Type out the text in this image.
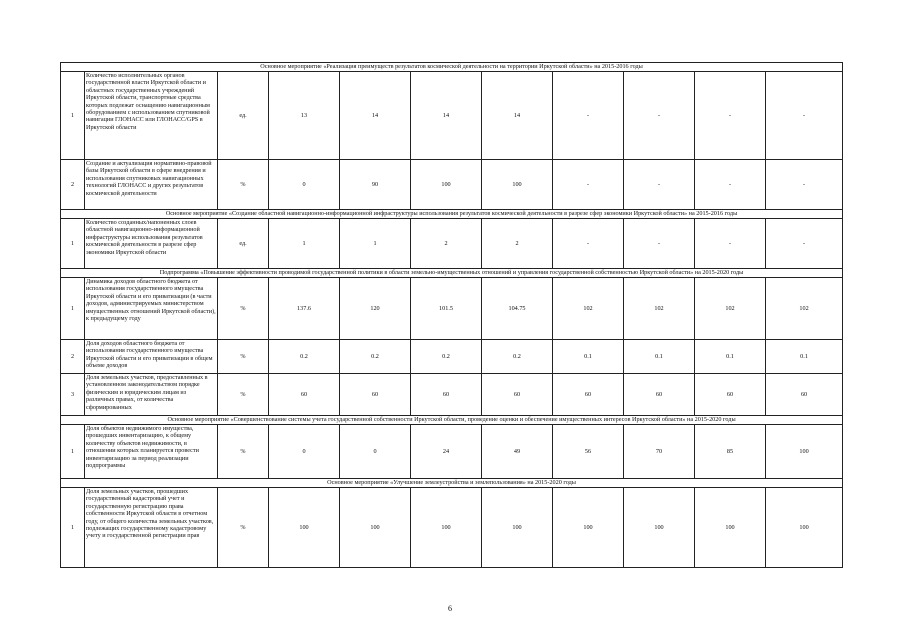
Основное мероприятие «Реализация преимуществ результатов космической деятельности на территории Иркутской области» на 2015-2016 годы										
1	Количество исполнительных органов государственной власти Иркутской области и областных государственных учреждений Иркутской области, транспортные средства которых подлежат оснащению навигационным оборудованием с использованием спутниковой навигации ГЛОНАСС или ГЛОНАСС/GPS в Иркутской области	ед.	13	14	14	14	-	-	-	-
2	Создание и актуализация нормативно-правовой базы Иркутской области в сфере внедрения и использования спутниковых навигационных технологий ГЛОНАСС и других результатов космической деятельности	%	0	90	100	100	-	-	-	-
Основное мероприятие «Создание областной навигационно-информационной инфраструктуры использования результатов космической деятельности в разрезе сфер экономики Иркутской области» на 2015-2016 годы										
1	Количество созданных/напоненных слоев областной навигационно-информационной инфраструктуры использования результатов космической деятельности в разрезе сфер экономики Иркутской области	ед.	1	1	2	2	-	-	-	-
Подпрограмма «Повышение эффективности проводимой государственной политики в области земельно-имущественных отношений и управления государственной собственностью Иркутской области» на 2015-2020 годы										
1	Динамика доходов областного бюджета от использования государственного имущества Иркутской области и его приватизации (в части доходов, администрируемых министерством имущественных отношений Иркутской области), к предыдущему году	%	137.6	120	101.5	104.75	102	102	102	102
2	Доля доходов областного бюджета от использования государственного имущества Иркутской области и его приватизации в общем объеме доходов	%	0.2	0.2	0.2	0.2	0.1	0.1	0.1	0.1
3	Доля земельных участков, предоставленных в установленном законодательством порядке физическим и юридическим лицам из различных правах, от количества сформированных	%	60	60	60	60	60	60	60	60
Основное мероприятие «Совершенствование системы учета государственной собственности Иркутской области, проведение оценки и обеспечение имущественных интересов Иркутской области» на 2015-2020 годы										
1	Доля объектов недвижимого имущества, прошедших инвентаризацию, к общему количеству объектов недвижимости, в отношении которых планируется провести инвентаризацию за период реализации подпрограммы	%	0	0	24	49	56	70	85	100
Основное мероприятие «Улучшение землеустройства и землепользования» на 2015-2020 годы										
1	Доля земельных участков, прошедших государственный кадастровый учет и государственную регистрацию права собственности Иркутской области в отчетном году, от общего количества земельных участков, подлежащих государственному кадастровому учету и государственной регистрации прав	%	100	100	100	100	100	100	100	100
6
